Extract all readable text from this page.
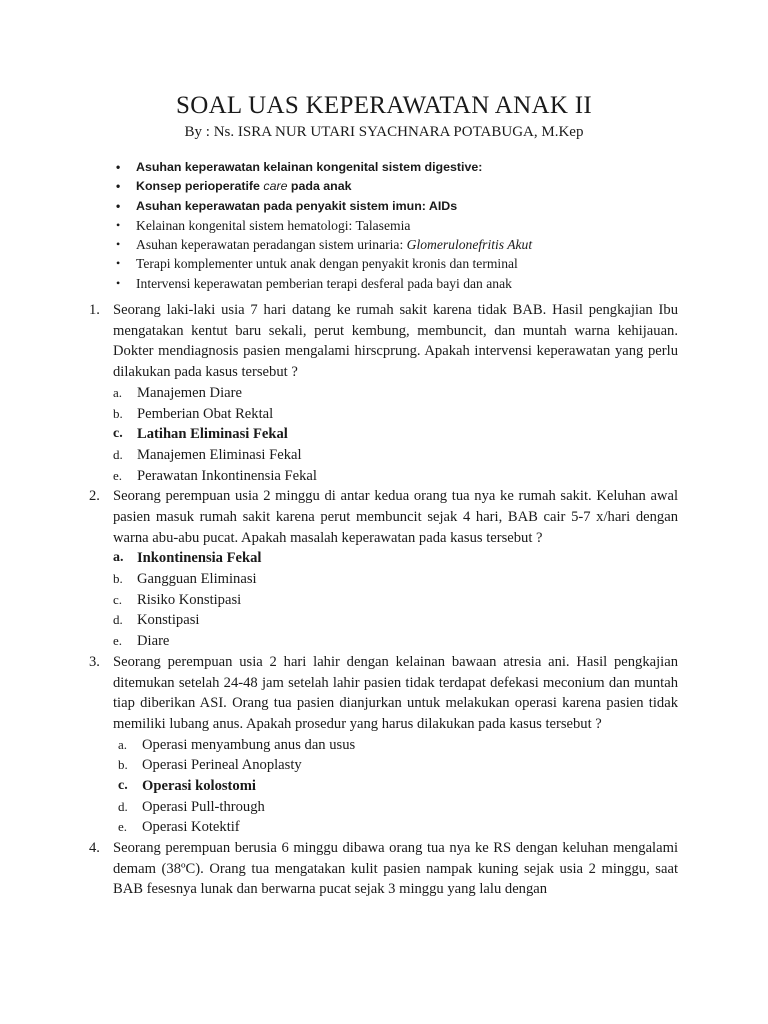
SOAL UAS KEPERAWATAN ANAK II
By : Ns. ISRA NUR UTARI SYACHNARA POTABUGA, M.Kep
• Asuhan keperawatan kelainan kongenital sistem digestive:
• Konsep perioperatife care pada anak
• Asuhan keperawatan pada penyakit sistem imun: AIDs
• Kelainan kongenital sistem hematologi: Talasemia
• Asuhan keperawatan peradangan sistem urinaria: Glomerulonefritis Akut
• Terapi komplementer untuk anak dengan penyakit kronis dan terminal
• Intervensi keperawatan pemberian terapi desferal pada bayi dan anak
1. Seorang laki-laki usia 7 hari datang ke rumah sakit karena tidak BAB. Hasil pengkajian Ibu mengatakan kentut baru sekali, perut kembung, membuncit, dan muntah warna kehijauan. Dokter mendiagnosis pasien mengalami hirscprung. Apakah intervensi keperawatan yang perlu dilakukan pada kasus tersebut ?
a. Manajemen Diare
b. Pemberian Obat Rektal
c. Latihan Eliminasi Fekal
d. Manajemen Eliminasi Fekal
e. Perawatan Inkontinensia Fekal
2. Seorang perempuan usia 2 minggu di antar kedua orang tua nya ke rumah sakit. Keluhan awal pasien masuk rumah sakit karena perut membuncit sejak 4 hari, BAB cair 5-7 x/hari dengan warna abu-abu pucat. Apakah masalah keperawatan pada kasus tersebut ?
a. Inkontinensia Fekal
b. Gangguan Eliminasi
c. Risiko Konstipasi
d. Konstipasi
e. Diare
3. Seorang perempuan usia 2 hari lahir dengan kelainan bawaan atresia ani. Hasil pengkajian ditemukan setelah 24-48 jam setelah lahir pasien tidak terdapat defekasi meconium dan muntah tiap diberikan ASI. Orang tua pasien dianjurkan untuk melakukan operasi karena pasien tidak memiliki lubang anus. Apakah prosedur yang harus dilakukan pada kasus tersebut ?
a. Operasi menyambung anus dan usus
b. Operasi Perineal Anoplasty
c. Operasi kolostomi
d. Operasi Pull-through
e. Operasi Kotektif
4. Seorang perempuan berusia 6 minggu dibawa orang tua nya ke RS dengan keluhan mengalami demam (38ºC). Orang tua mengatakan kulit pasien nampak kuning sejak usia 2 minggu, saat BAB fesesnya lunak dan berwarna pucat sejak 3 minggu yang lalu dengan
